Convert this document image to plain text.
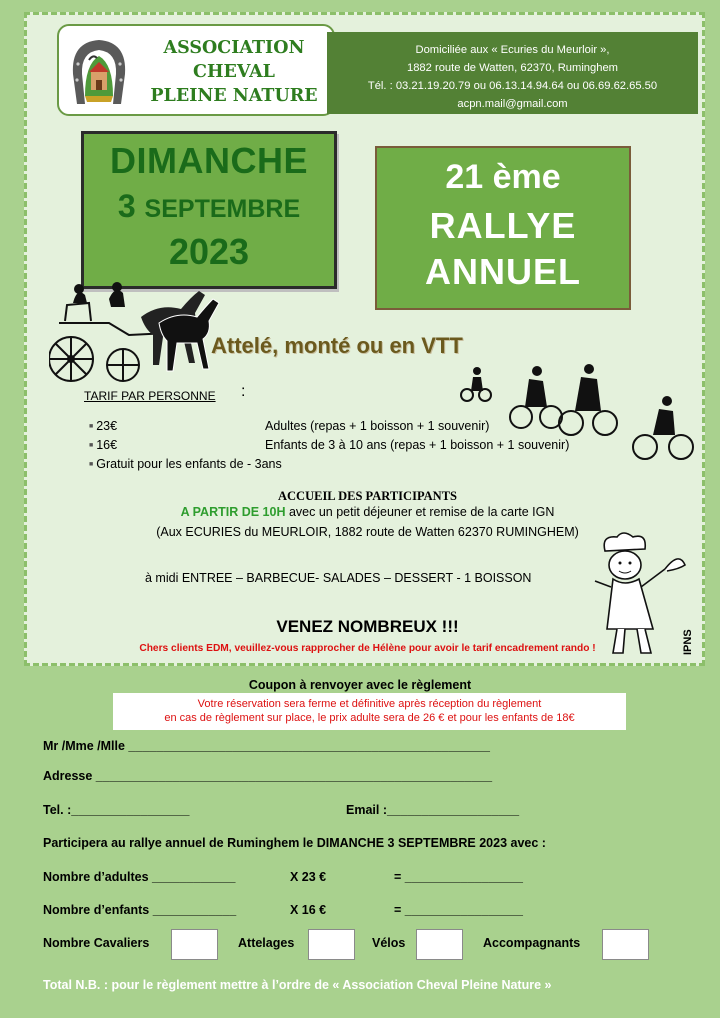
ASSOCIATION
CHEVAL
PLEINE NATURE
Domiciliée aux « Ecuries du Meurloir »,
1882 route de Watten, 62370, Ruminghem
Tél. : 03.21.19.20.79 ou 06.13.14.94.64 ou 06.69.62.65.50
acpn.mail@gmail.com
DIMANCHE
3 SEPTEMBRE
2023
21 ème
RALLYE
ANNUEL
Attelé, monté ou en VTT
TARIF PAR PERSONNE :
■ 23€	Adultes (repas + 1 boisson + 1 souvenir)
■ 16€	Enfants de 3 à 10 ans (repas + 1 boisson + 1 souvenir)
■ Gratuit pour les enfants de - 3ans
ACCUEIL DES PARTICIPANTS
A PARTIR DE 10H avec un petit déjeuner et remise de la carte IGN
(Aux ECURIES du MEURLOIR, 1882 route de Watten 62370 RUMINGHEM)
à midi ENTREE – BARBECUE- SALADES – DESSERT - 1 BOISSON
VENEZ NOMBREUX !!!
Chers clients EDM, veuillez-vous rapprocher de Hélène pour avoir le tarif encadrement rando !	IPNS
Coupon à renvoyer avec le règlement
Votre réservation sera ferme et définitive après réception du règlement
en cas de règlement sur place, le prix adulte sera de 26 € et pour les enfants de 18€
Mr /Mme /Mlle ____________________________________________________
Adresse _________________________________________________________
Tel. :_________________	Email :___________________
Participera au rallye annuel de Ruminghem le DIMANCHE 3 SEPTEMBRE 2023 avec :
Nombre d’adultes ____________	X 23 €	= _________________
Nombre d’enfants ____________	X 16 €	= _________________
Nombre Cavaliers	Attelages	Vélos	Accompagnants
Total N.B. : pour le règlement mettre à l’ordre de « Association Cheval Pleine Nature »
